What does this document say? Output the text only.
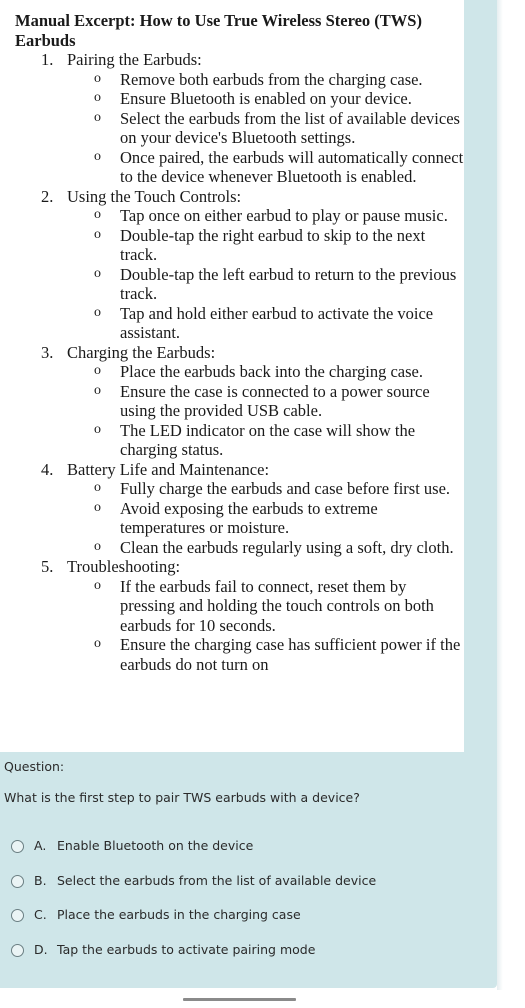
Manual Excerpt: How to Use True Wireless Stereo (TWS) Earbuds
1. Pairing the Earbuds:
o Remove both earbuds from the charging case.
o Ensure Bluetooth is enabled on your device.
o Select the earbuds from the list of available devices on your device's Bluetooth settings.
o Once paired, the earbuds will automatically connect to the device whenever Bluetooth is enabled.
2. Using the Touch Controls:
o Tap once on either earbud to play or pause music.
o Double-tap the right earbud to skip to the next track.
o Double-tap the left earbud to return to the previous track.
o Tap and hold either earbud to activate the voice assistant.
3. Charging the Earbuds:
o Place the earbuds back into the charging case.
o Ensure the case is connected to a power source using the provided USB cable.
o The LED indicator on the case will show the charging status.
4. Battery Life and Maintenance:
o Fully charge the earbuds and case before first use.
o Avoid exposing the earbuds to extreme temperatures or moisture.
o Clean the earbuds regularly using a soft, dry cloth.
5. Troubleshooting:
o If the earbuds fail to connect, reset them by pressing and holding the touch controls on both earbuds for 10 seconds.
o Ensure the charging case has sufficient power if the earbuds do not turn on
Question:
What is the first step to pair TWS earbuds with a device?
A. Enable Bluetooth on the device
B. Select the earbuds from the list of available device
C. Place the earbuds in the charging case
D. Tap the earbuds to activate pairing mode
